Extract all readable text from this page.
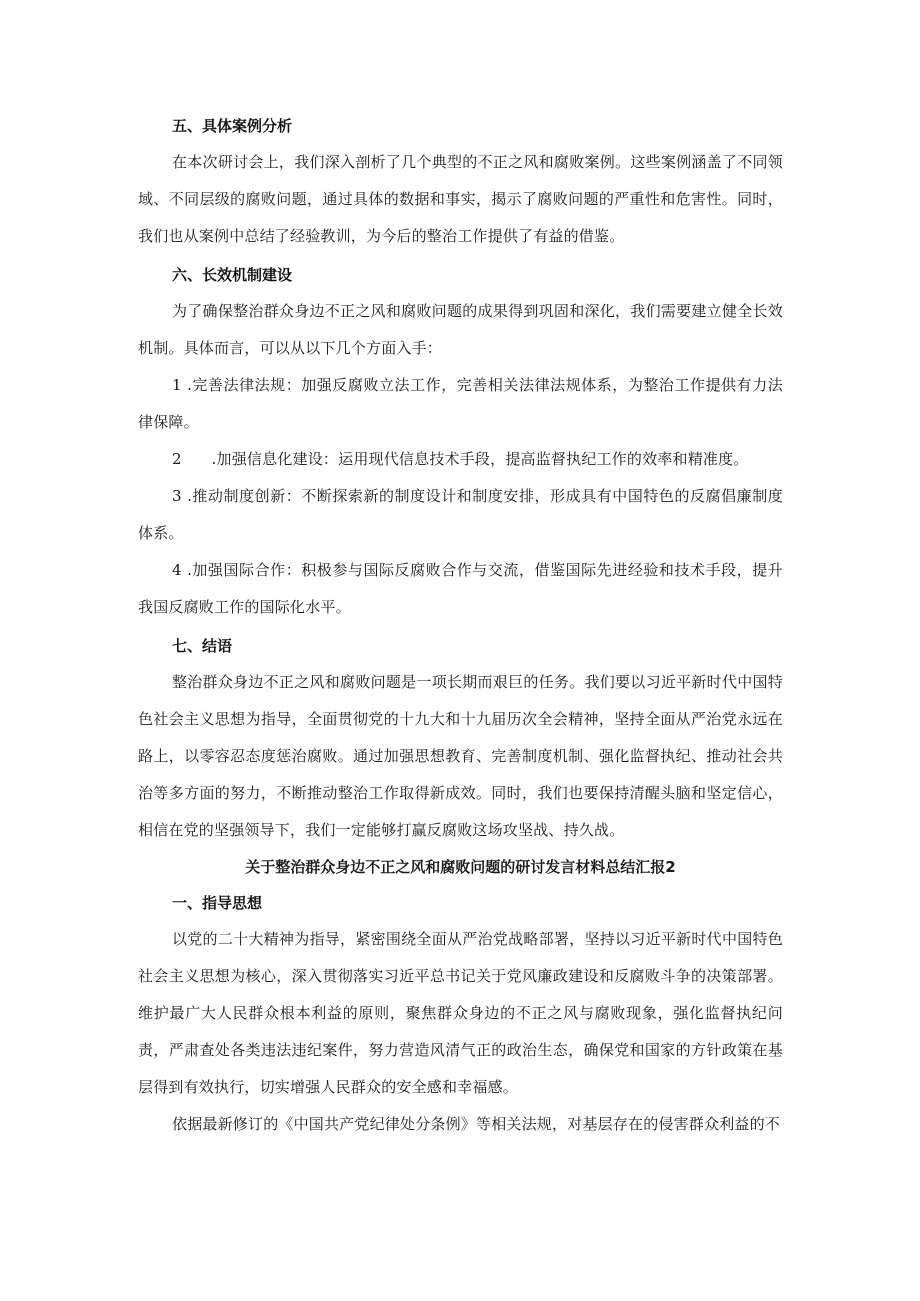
五、具体案例分析

在本次研讨会上，我们深入剖析了几个典型的不正之风和腐败案例。这些案例涵盖了不同领域、不同层级的腐败问题，通过具体的数据和事实，揭示了腐败问题的严重性和危害性。同时，我们也从案例中总结了经验教训，为今后的整治工作提供了有益的借鉴。

六、长效机制建设

为了确保整治群众身边不正之风和腐败问题的成果得到巩固和深化，我们需要建立健全长效机制。具体而言，可以从以下几个方面入手：

1 .完善法律法规：加强反腐败立法工作，完善相关法律法规体系，为整治工作提供有力法律保障。

2      .加强信息化建设：运用现代信息技术手段，提高监督执纪工作的效率和精准度。

3 .推动制度创新：不断探索新的制度设计和制度安排，形成具有中国特色的反腐倡廉制度体系。

4 .加强国际合作：积极参与国际反腐败合作与交流，借鉴国际先进经验和技术手段，提升我国反腐败工作的国际化水平。

七、结语

整治群众身边不正之风和腐败问题是一项长期而艰巨的任务。我们要以习近平新时代中国特色社会主义思想为指导，全面贯彻党的十九大和十九届历次全会精神，坚持全面从严治党永远在路上，以零容忍态度惩治腐败。通过加强思想教育、完善制度机制、强化监督执纪、推动社会共治等多方面的努力，不断推动整治工作取得新成效。同时，我们也要保持清醒头脑和坚定信心，相信在党的坚强领导下，我们一定能够打赢反腐败这场攻坚战、持久战。

关于整治群众身边不正之风和腐败问题的研讨发言材料总结汇报2

一、指导思想

以党的二十大精神为指导，紧密围绕全面从严治党战略部署，坚持以习近平新时代中国特色社会主义思想为核心，深入贯彻落实习近平总书记关于党风廉政建设和反腐败斗争的决策部署。维护最广大人民群众根本利益的原则，聚焦群众身边的不正之风与腐败现象，强化监督执纪问责，严肃查处各类违法违纪案件，努力营造风清气正的政治生态，确保党和国家的方针政策在基层得到有效执行，切实增强人民群众的安全感和幸福感。

依据最新修订的《中国共产党纪律处分条例》等相关法规，对基层存在的侵害群众利益的不
